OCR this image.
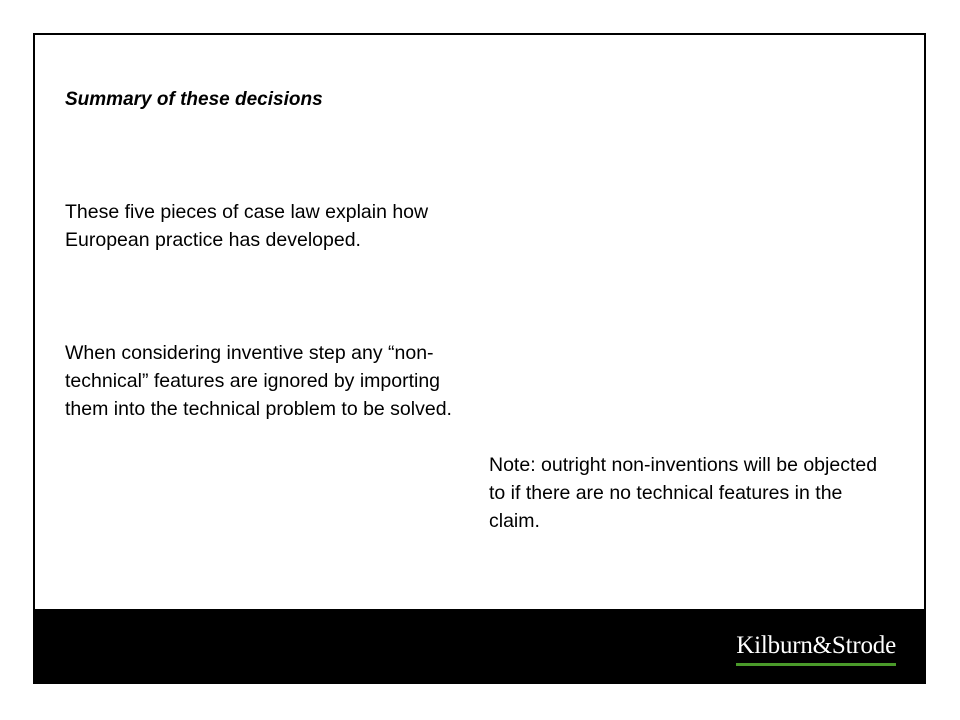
Summary of these decisions

These five pieces of case law explain how European practice has developed.

When considering inventive step any “non-technical” features are ignored by importing them into the technical problem to be solved.

Note: outright non-inventions will be objected to if there are no technical features in the claim.

Kilburn&Strode
